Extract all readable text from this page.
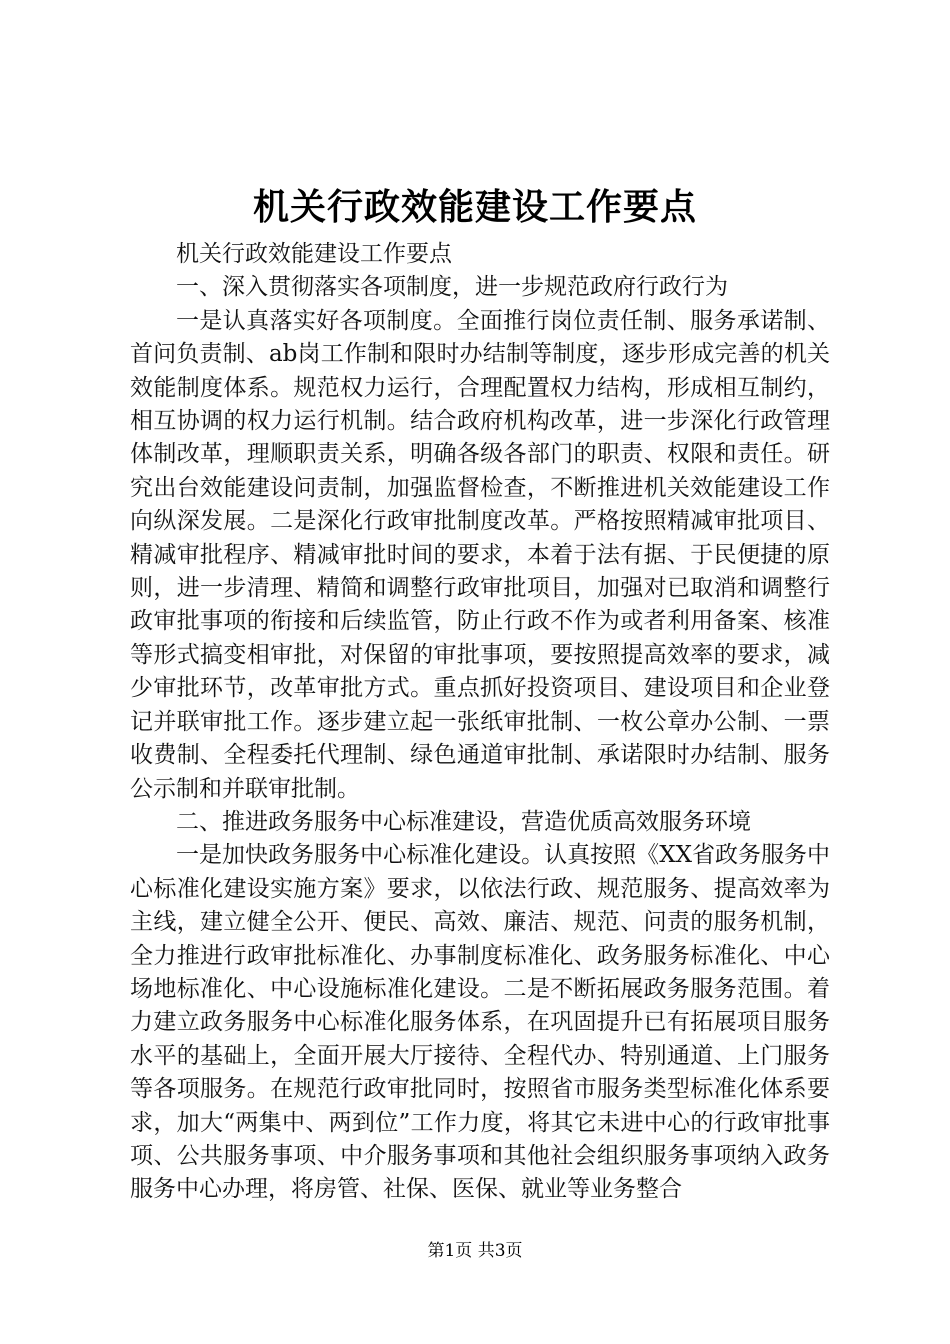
机关行政效能建设工作要点

机关行政效能建设工作要点

一、深入贯彻落实各项制度，进一步规范政府行政行为

一是认真落实好各项制度。全面推行岗位责任制、服务承诺制、首问负责制、ab岗工作制和限时办结制等制度，逐步形成完善的机关效能制度体系。规范权力运行，合理配置权力结构，形成相互制约，相互协调的权力运行机制。结合政府机构改革，进一步深化行政管理体制改革，理顺职责关系，明确各级各部门的职责、权限和责任。研究出台效能建设问责制，加强监督检查，不断推进机关效能建设工作向纵深发展。二是深化行政审批制度改革。严格按照精减审批项目、精减审批程序、精减审批时间的要求，本着于法有据、于民便捷的原则，进一步清理、精简和调整行政审批项目，加强对已取消和调整行政审批事项的衔接和后续监管，防止行政不作为或者利用备案、核准等形式搞变相审批，对保留的审批事项，要按照提高效率的要求，减少审批环节，改革审批方式。重点抓好投资项目、建设项目和企业登记并联审批工作。逐步建立起一张纸审批制、一枚公章办公制、一票收费制、全程委托代理制、绿色通道审批制、承诺限时办结制、服务公示制和并联审批制。

二、推进政务服务中心标准建设，营造优质高效服务环境

一是加快政务服务中心标准化建设。认真按照《XX省政务服务中心标准化建设实施方案》要求，以依法行政、规范服务、提高效率为主线，建立健全公开、便民、高效、廉洁、规范、问责的服务机制，全力推进行政审批标准化、办事制度标准化、政务服务标准化、中心场地标准化、中心设施标准化建设。二是不断拓展政务服务范围。着力建立政务服务中心标准化服务体系，在巩固提升已有拓展项目服务水平的基础上，全面开展大厅接待、全程代办、特别通道、上门服务等各项服务。在规范行政审批同时，按照省市服务类型标准化体系要求，加大“两集中、两到位”工作力度，将其它未进中心的行政审批事项、公共服务事项、中介服务事项和其他社会组织服务事项纳入政务服务中心办理，将房管、社保、医保、就业等业务整合

第1页 共3页
